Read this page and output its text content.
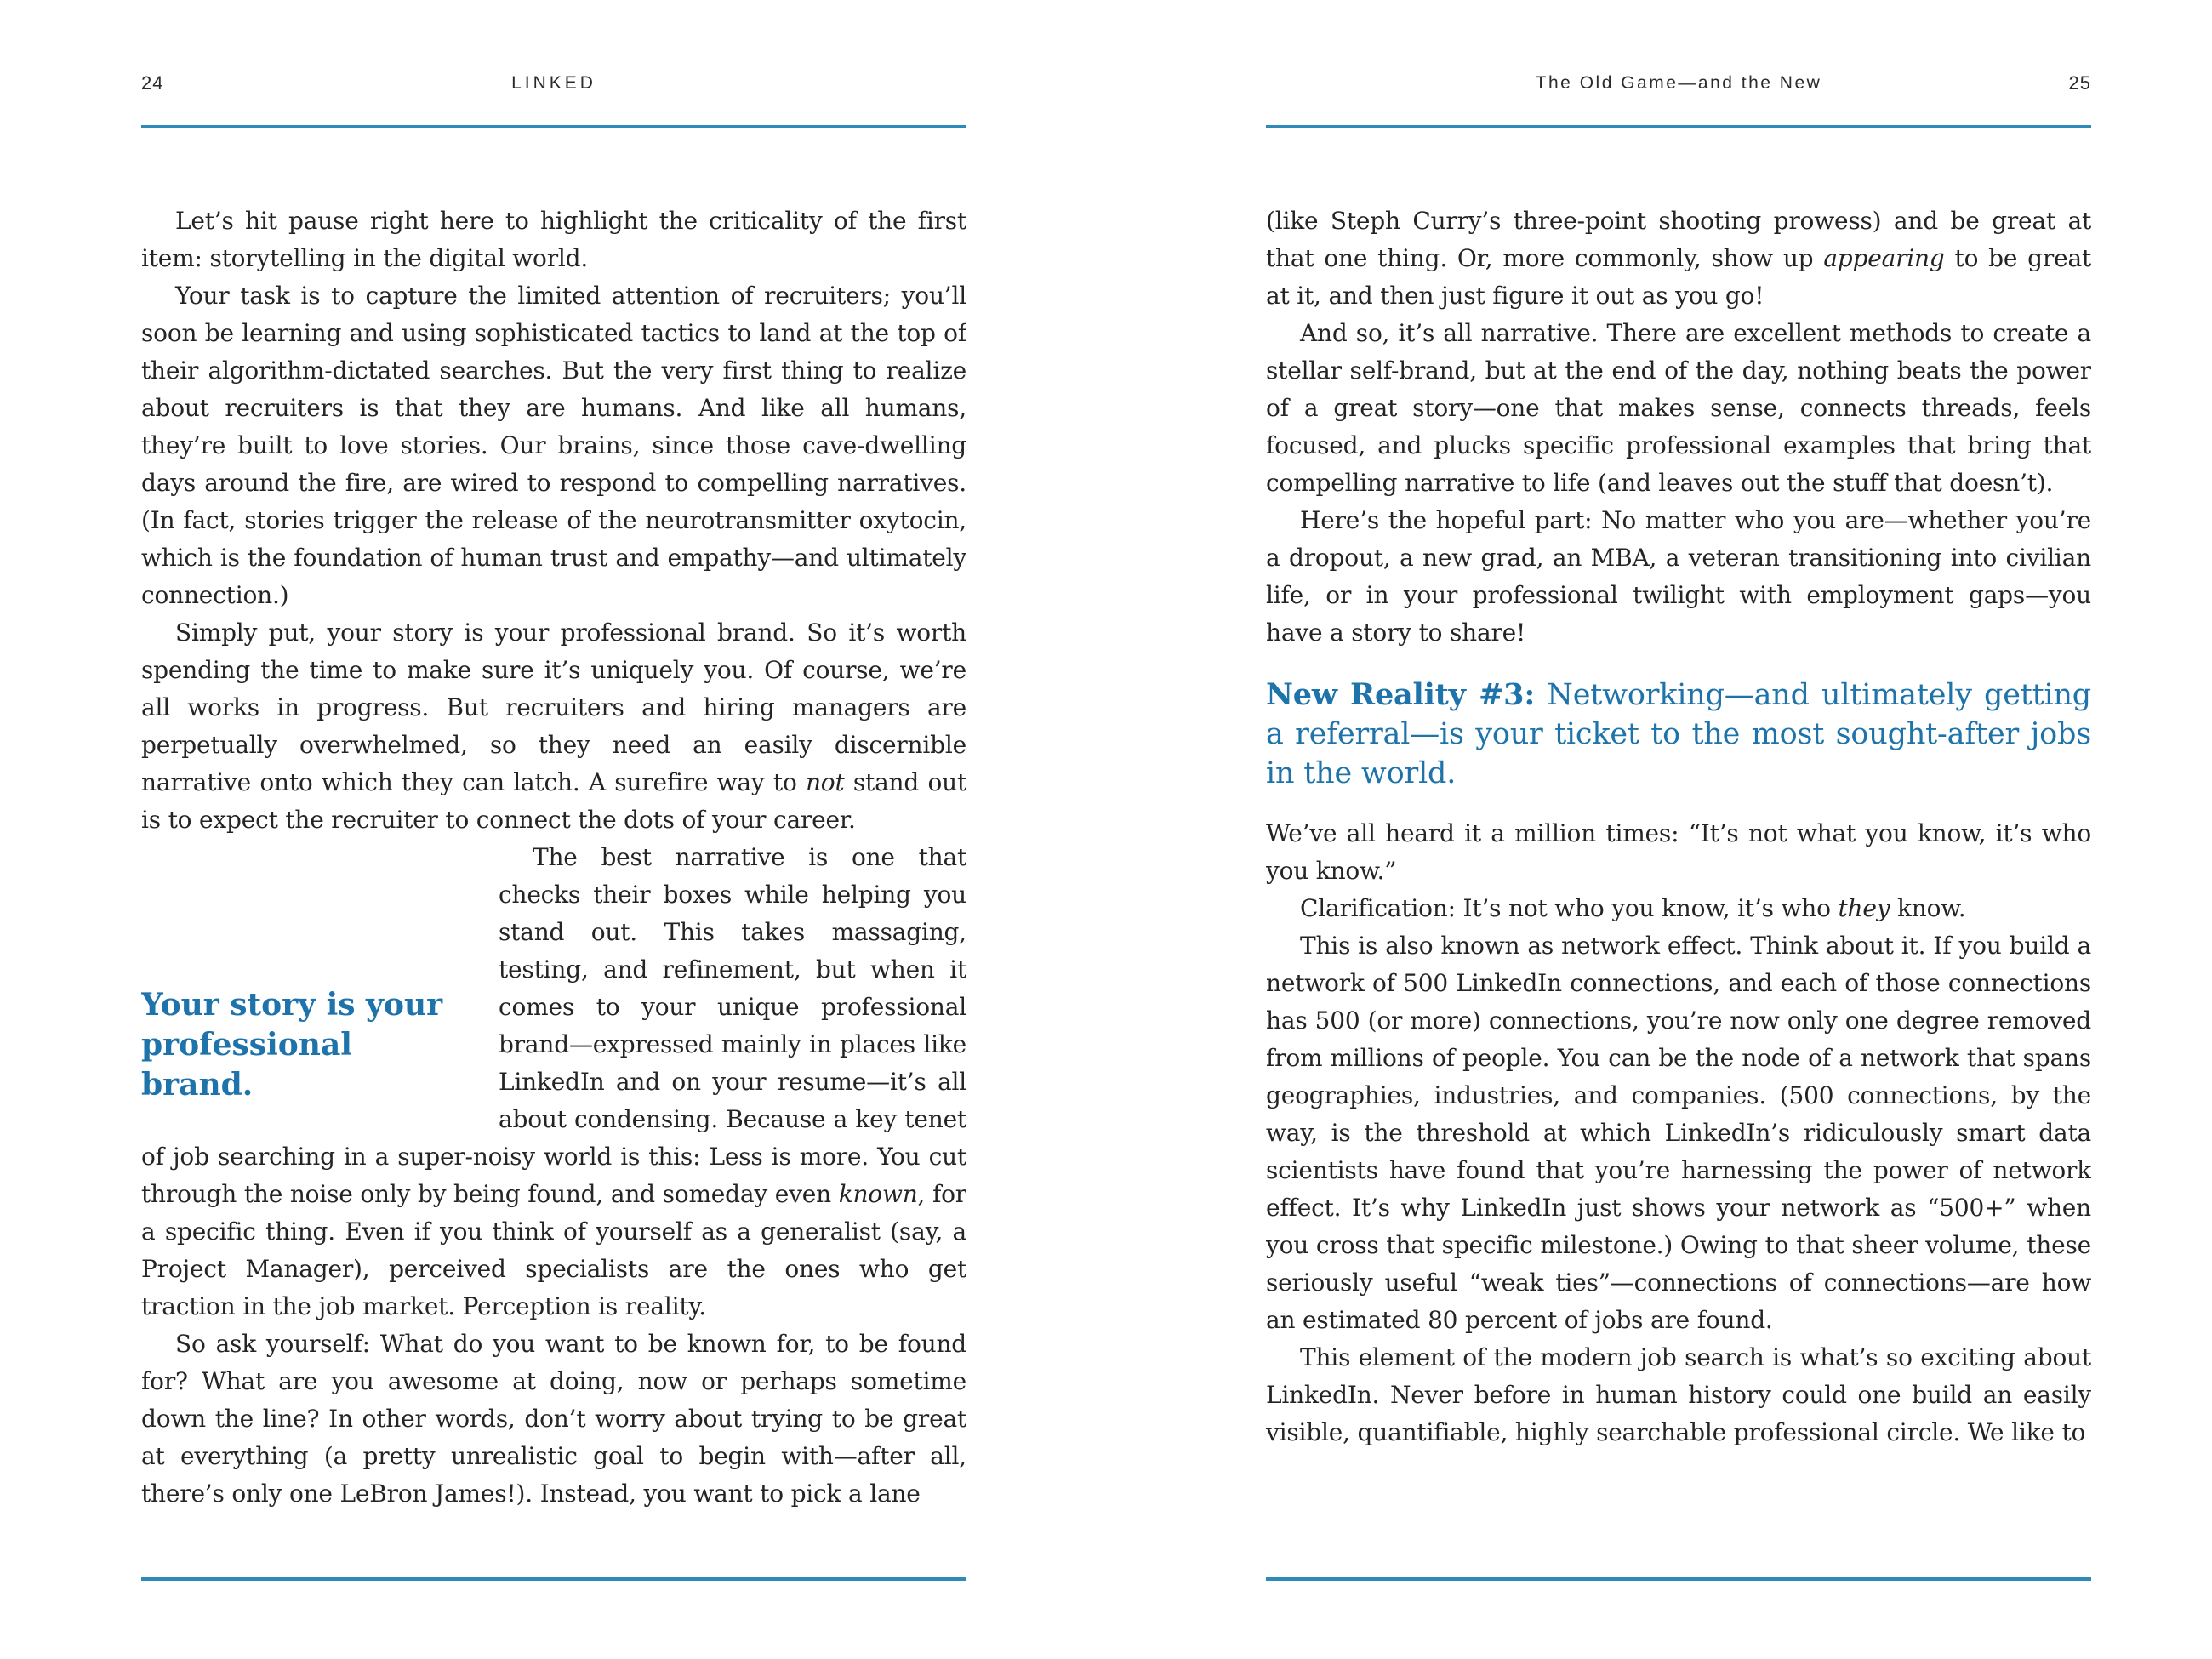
24	LINKED

Let’s hit pause right here to highlight the criticality of the first item: storytelling in the digital world.

Your task is to capture the limited attention of recruiters; you’ll soon be learning and using sophisticated tactics to land at the top of their algorithm-dictated searches. But the very first thing to realize about recruiters is that they are humans. And like all humans, they’re built to love stories. Our brains, since those cave-dwelling days around the fire, are wired to respond to compelling narratives. (In fact, stories trigger the release of the neurotransmitter oxytocin, which is the foundation of human trust and empathy—and ultimately connection.)

Simply put, your story is your professional brand. So it’s worth spending the time to make sure it’s uniquely you. Of course, we’re all works in progress. But recruiters and hiring managers are perpetually overwhelmed, so they need an easily discernible narrative onto which they can latch. A surefire way to not stand out is to expect the recruiter to connect the dots of your career.

Your story is your professional brand.
The best narrative is one that checks their boxes while helping you stand out. This takes massaging, testing, and refinement, but when it comes to your unique professional brand—expressed mainly in places like LinkedIn and on your resume—it’s all about condensing. Because a key tenet of job searching in a super-noisy world is this: Less is more. You cut through the noise only by being found, and someday even known, for a specific thing. Even if you think of yourself as a generalist (say, a Project Manager), perceived specialists are the ones who get traction in the job market. Perception is reality.

So ask yourself: What do you want to be known for, to be found for? What are you awesome at doing, now or perhaps sometime down the line? In other words, don’t worry about trying to be great at everything (a pretty unrealistic goal to begin with—after all, there’s only one LeBron James!). Instead, you want to pick a lane

The Old Game—and the New	25

(like Steph Curry’s three-point shooting prowess) and be great at that one thing. Or, more commonly, show up appearing to be great at it, and then just figure it out as you go!

And so, it’s all narrative. There are excellent methods to create a stellar self-brand, but at the end of the day, nothing beats the power of a great story—one that makes sense, connects threads, feels focused, and plucks specific professional examples that bring that compelling narrative to life (and leaves out the stuff that doesn’t).

Here’s the hopeful part: No matter who you are—whether you’re a dropout, a new grad, an MBA, a veteran transitioning into civilian life, or in your professional twilight with employment gaps—you have a story to share!

New Reality #3: Networking—and ultimately getting a referral—is your ticket to the most sought-after jobs in the world.

We’ve all heard it a million times: “It’s not what you know, it’s who you know.”

Clarification: It’s not who you know, it’s who they know.

This is also known as network effect. Think about it. If you build a network of 500 LinkedIn connections, and each of those connections has 500 (or more) connections, you’re now only one degree removed from millions of people. You can be the node of a network that spans geographies, industries, and companies. (500 connections, by the way, is the threshold at which LinkedIn’s ridiculously smart data scientists have found that you’re harnessing the power of network effect. It’s why LinkedIn just shows your network as “500+” when you cross that specific milestone.) Owing to that sheer volume, these seriously useful “weak ties”—connections of connections—are how an estimated 80 percent of jobs are found.

This element of the modern job search is what’s so exciting about LinkedIn. Never before in human history could one build an easily visible, quantifiable, highly searchable professional circle. We like to
